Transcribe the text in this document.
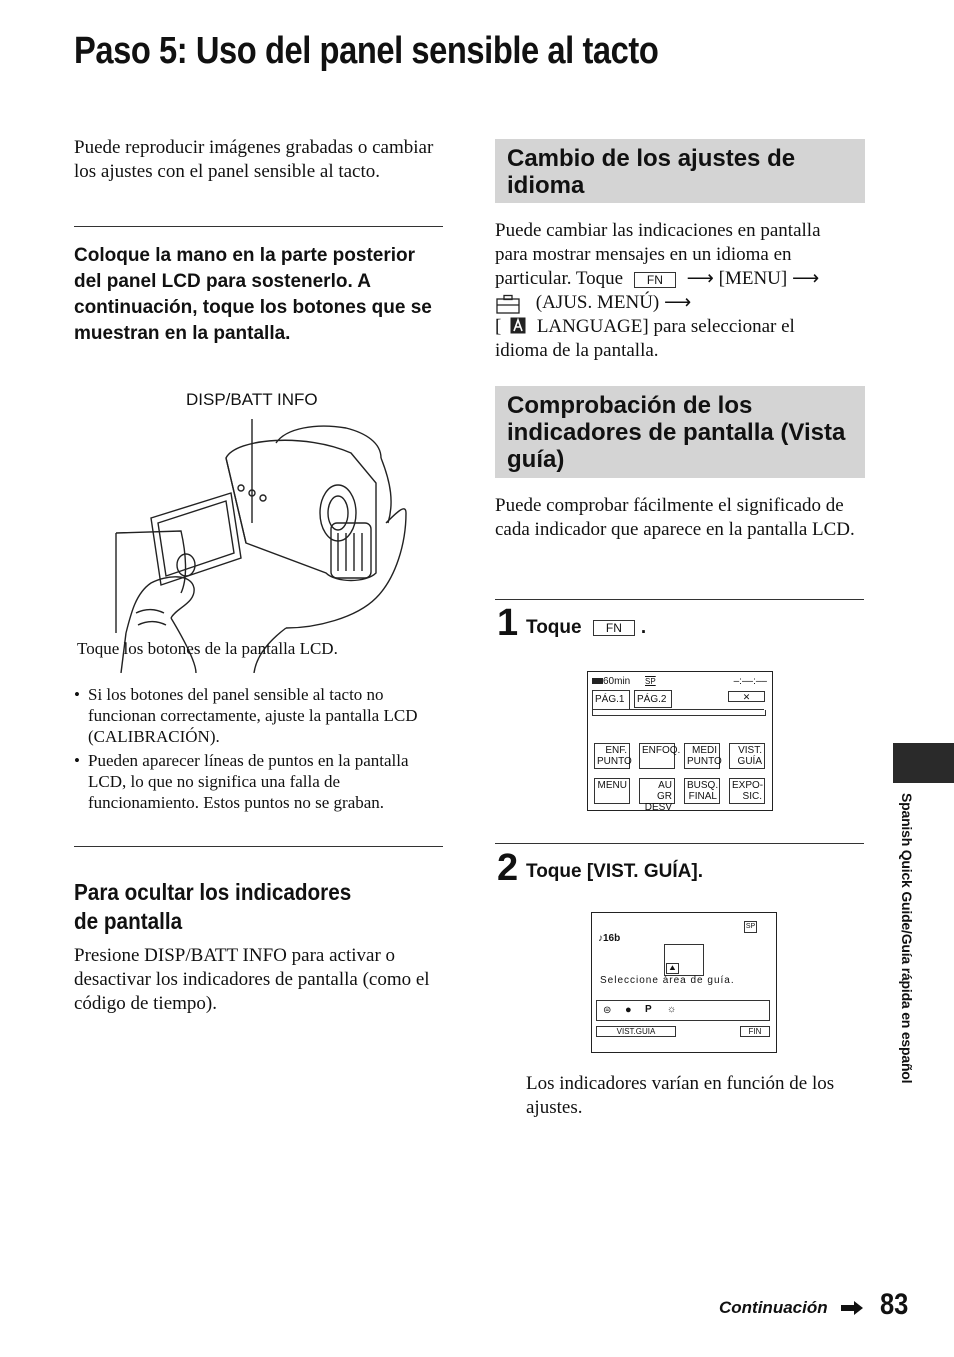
Paso 5: Uso del panel sensible al tacto
Puede reproducir imágenes grabadas o cambiar los ajustes con el panel sensible al tacto.
Coloque la mano en la parte posterior del panel LCD para sostenerlo. A continuación, toque los botones que se muestran en la pantalla.
DISP/BATT INFO
Toque los botones de la pantalla LCD.
• Si los botones del panel sensible al tacto no funcionan correctamente, ajuste la pantalla LCD (CALIBRACIÓN).
• Pueden aparecer líneas de puntos en la pantalla LCD, lo que no significa una falla de funcionamiento. Estos puntos no se graban.
Para ocultar los indicadores de pantalla
Presione DISP/BATT INFO para activar o desactivar los indicadores de pantalla (como el código de tiempo).
Cambio de los ajustes de idioma
Puede cambiar las indicaciones en pantalla
para mostrar mensajes en un idioma en
particular. Toque FN ⟶ [MENU] ⟶
(AJUS. MENÚ) ⟶
[ LANGUAGE] para seleccionar el
idioma de la pantalla.
Comprobación de los indicadores de pantalla (Vista guía)
Puede comprobar fácilmente el significado de cada indicador que aparece en la pantalla LCD.
1 Toque FN .
60min SP	–:––:––
PÁG.1	PÁG.2	✕
ENF.
PUNTO
ENFOQ.	MEDI
PUNTO
VIST.
GUÍA
MENU	AU GR
DESV
BUSQ.
FINAL
EXPO-
SIC.
2 Toque [VIST. GUÍA].
SP
♪16b
⛰
Seleccione área de guía.
⊜ ● P ☼
VIST.GUIA	FIN
Los indicadores varían en función de los ajustes.
Spanish Quick Guide/Guía rápida en español
Continuación 83
